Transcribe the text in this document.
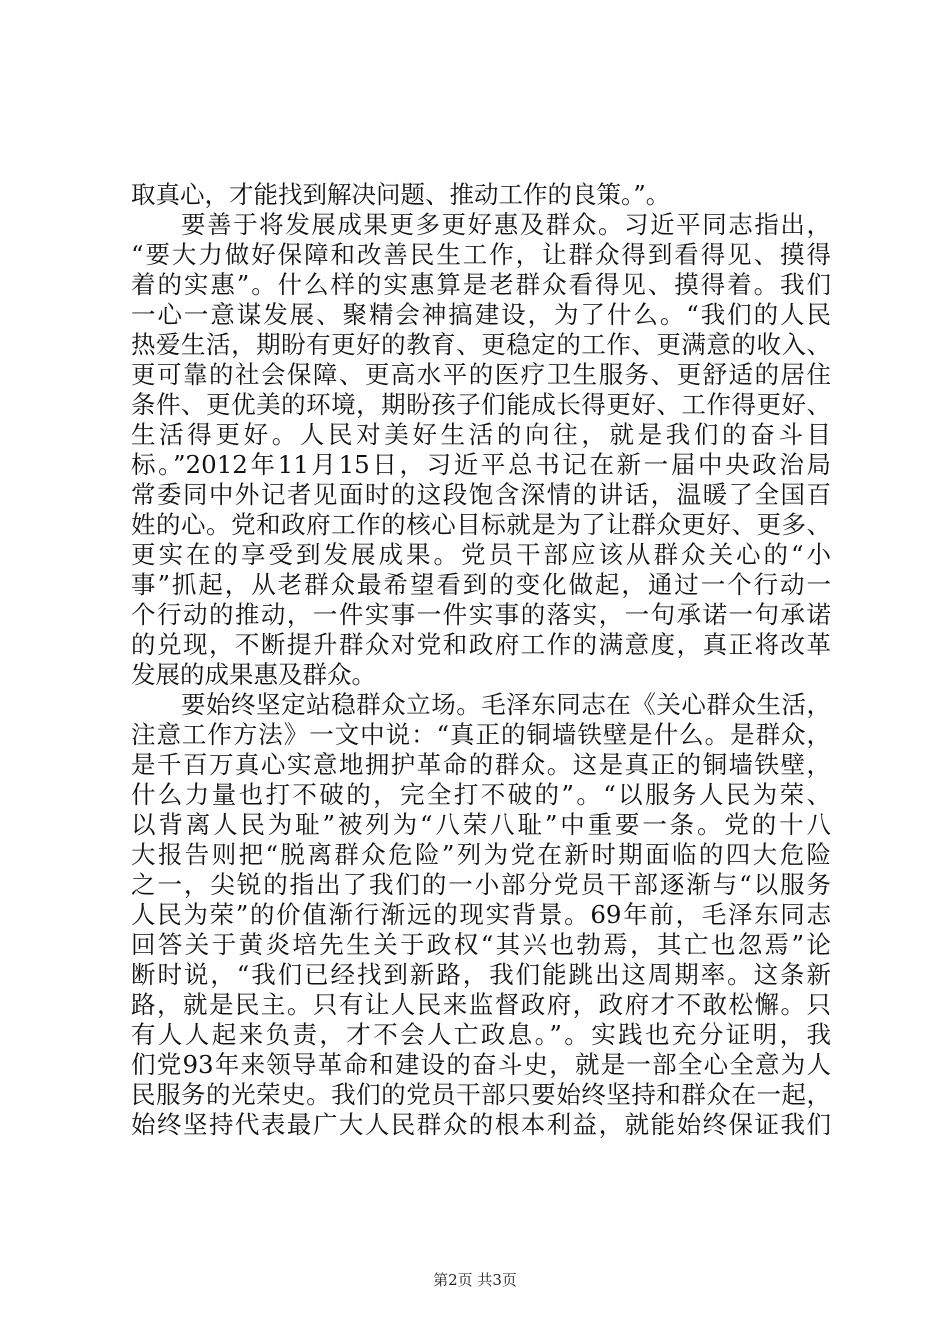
取真心，才能找到解决问题、推动工作的良策。”。
要善于将发展成果更多更好惠及群众。习近平同志指出，
“要大力做好保障和改善民生工作，让群众得到看得见、摸得
着的实惠”。什么样的实惠算是老群众看得见、摸得着。我们
一心一意谋发展、聚精会神搞建设，为了什么。“我们的人民
热爱生活，期盼有更好的教育、更稳定的工作、更满意的收入、
更可靠的社会保障、更高水平的医疗卫生服务、更舒适的居住
条件、更优美的环境，期盼孩子们能成长得更好、工作得更好、
生活得更好。人民对美好生活的向往，就是我们的奋斗目
标。”2012年11月15日，习近平总书记在新一届中央政治局
常委同中外记者见面时的这段饱含深情的讲话，温暖了全国百
姓的心。党和政府工作的核心目标就是为了让群众更好、更多、
更实在的享受到发展成果。党员干部应该从群众关心的“小
事”抓起，从老群众最希望看到的变化做起，通过一个行动一
个行动的推动，一件实事一件实事的落实，一句承诺一句承诺
的兑现，不断提升群众对党和政府工作的满意度，真正将改革
发展的成果惠及群众。
要始终坚定站稳群众立场。毛泽东同志在《关心群众生活，
注意工作方法》一文中说：“真正的铜墙铁壁是什么。是群众，
是千百万真心实意地拥护革命的群众。这是真正的铜墙铁壁，
什么力量也打不破的，完全打不破的”。“以服务人民为荣、
以背离人民为耻”被列为“八荣八耻”中重要一条。党的十八
大报告则把“脱离群众危险”列为党在新时期面临的四大危险
之一，尖锐的指出了我们的一小部分党员干部逐渐与“以服务
人民为荣”的价值渐行渐远的现实背景。69年前，毛泽东同志
回答关于黄炎培先生关于政权“其兴也勃焉，其亡也忽焉”论
断时说，“我们已经找到新路，我们能跳出这周期率。这条新
路，就是民主。只有让人民来监督政府，政府才不敢松懈。只
有人人起来负责，才不会人亡政息。”。实践也充分证明，我
们党93年来领导革命和建设的奋斗史，就是一部全心全意为人
民服务的光荣史。我们的党员干部只要始终坚持和群众在一起，
始终坚持代表最广大人民群众的根本利益，就能始终保证我们
第2页 共3页
